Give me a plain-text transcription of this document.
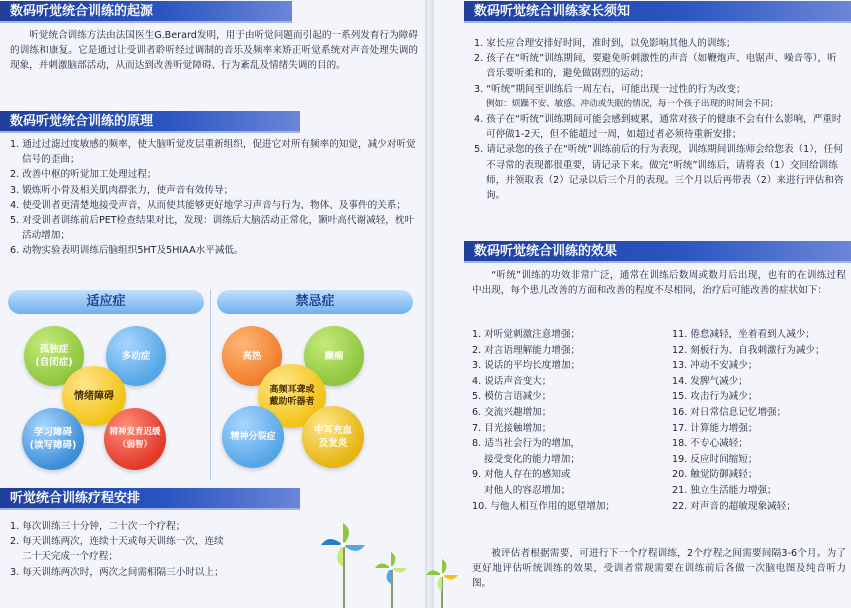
数码听觉统合训练的起源

听觉统合训练方法由法国医生G.Berard发明，用于由听觉问题而引起的一系列发育行为障碍的训练和康复。它是通过让受训者聆听经过调制的音乐及频率来矫正听觉系统对声音处理失调的现象，并刺激脑部活动，从而达到改善听觉障碍、行为紊乱及情绪失调的目的。

数码听觉统合训练的原理
1. 通过过滤过度敏感的频率，使大脑听觉皮层重新组织，促进它对所有频率的知觉，减少对听觉信号的歪曲；
2. 改善中枢的听觉加工处理过程；
3. 锻炼听小骨及相关肌肉群张力，使声音有效传导；
4. 使受训者更清楚地接受声音，从而使其能够更好地学习声音与行为、物体、及事件的关系；
5. 对受训者训练前后PET检查结果对比，发现：训练后大脑活动正常化，颞叶高代谢减轻，枕叶活动增加；
6. 动物实验表明训练后脑组织5HT及5HIAA水平减低。
适应症	禁忌症
孤独症
(自闭症)
多动症
情绪障碍
学习障碍
(读写障碍)
精神发育迟缓
（弱智）
高热	癫痫
高频耳聋或
戴助听器者
精神分裂症
中耳充血
及发炎
听觉统合训练疗程安排
1. 每次训练三十分钟，二十次一个疗程；
2. 每天训练两次，连续十天或每天训练一次，连续
二十天完成一个疗程；
3. 每天训练两次时，两次之间需相隔三小时以上；
数码听觉统合训练家长须知
1. 家长应合理安排好时间，准时到，以免影响其他人的训练；
2. 孩子在“听统”训练期间，要避免听刺激性的声音（如鞭炮声、电锯声、噪音等），听音乐要听柔和的，避免做剧烈的运动；
3. “听统”期间至训练后一周左右，可能出现一过性的行为改变；
例如：烦躁不安、敏感、冲动或失眠的情况，每一个孩子出现的时间会不同；
4. 孩子在“听统”训练期间可能会感到疲累，通常对孩子的健康不会有什么影响，严重时可停做1-2天，但不能超过一周，如超过者必须待重新安排；
5. 请记录您的孩子在“听统”训练前后的行为表现，训练期间训练师会给您表（1），任何不寻常的表现都很重要，请记录下来。做完“听统”训练后，请将表（1）交回给训练师，并领取表（2）记录以后三个月的表现。三个月以后再带表（2）来进行评估和咨询。
数码听觉统合训练的效果

“听统”训练的功效非常广泛，通常在训练后数周或数月后出现，也有的在训练过程中出现，每个患儿改善的方面和改善的程度不尽相同，治疗后可能改善的症状如下：

1. 对听觉刺激注意增强；
2. 对言语理解能力增强；
3. 说话的平均长度增加；
4. 说话声音变大；
5. 模仿言语减少；
6. 交流兴趣增加；
7. 目光接触增加；
8. 适当社会行为的增加，
接受变化的能力增加；
9. 对他人存在的感知或
对他人的容忍增加；
10. 与他人相互作用的愿望增加；
11. 倦怠减轻，坐着看到人减少；
12. 刻板行为、自我刺激行为减少；
13. 冲动不安减少；
14. 发脾气减少；
15. 攻击行为减少；
16. 对日常信息记忆增强；
17. 计算能力增强；
18. 不专心减轻；
19. 反应时间缩短；
20. 触觉防御减轻；
21. 独立生活能力增强；
22. 对声音的超敏现象减轻；

被评估者根据需要，可进行下一个疗程训练，2个疗程之间需要间隔3-6个月。为了更好地评估听统训练的效果，受训者常规需要在训练前后各做一次脑电图及纯音听力图。
